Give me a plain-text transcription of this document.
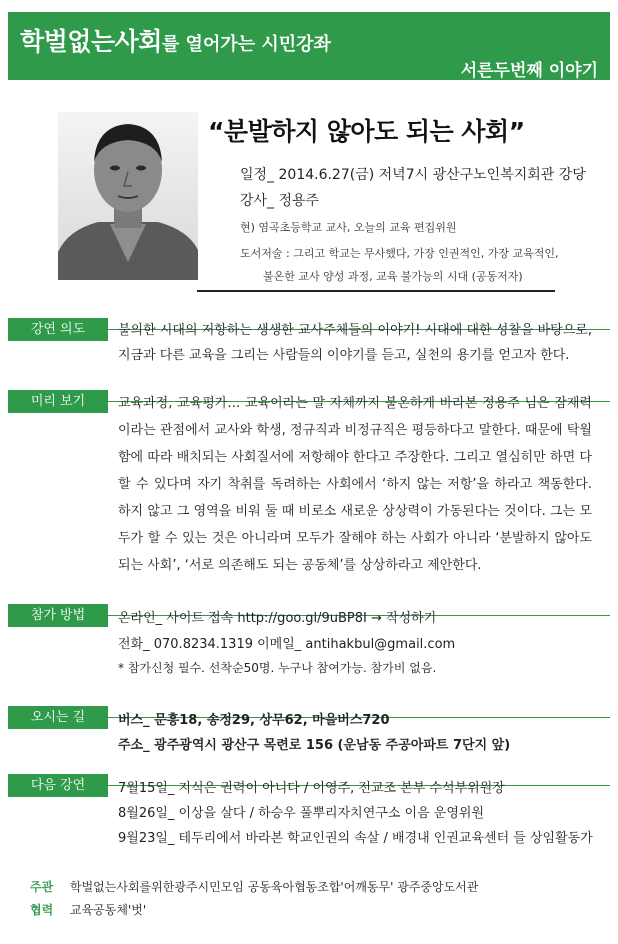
학벌없는사회를 열어가는 시민강좌
서른두번째 이야기
“분발하지 않아도 되는 사회”
일정_ 2014.6.27(금) 저녁7시 광산구노인복지회관 강당
강사_ 정용주
현) 염곡초등학교 교사, 오늘의 교육 편집위원
도서저술 : 그리고 학교는 무사했다, 가장 인권적인, 가장 교육적인,
불온한 교사 양성 과정, 교육 불가능의 시대 (공동저자)
강연 의도	불의한 시대의 저항하는 생생한 교사주체들의 이야기! 시대에 대한 성찰을 바탕으로, 지금과 다른 교육을 그리는 사람들의 이야기를 듣고, 실천의 용기를 얻고자 한다.
미리 보기	교육과정, 교육평가… 교육이라는 말 자체까지 불온하게 바라본 정용주 님은 잠재력이라는 관점에서 교사와 학생, 정규직과 비정규직은 평등하다고 말한다. 때문에 탁월함에 따라 배치되는 사회질서에 저항해야 한다고 주장한다. 그리고 열심히만 하면 다 할 수 있다며 자기 착취를 독려하는 사회에서 ‘하지 않는 저항’을 하라고 책동한다. 하지 않고 그 영역을 비워 둘 때 비로소 새로운 상상력이 가동된다는 것이다. 그는 모두가 할 수 있는 것은 아니라며 모두가 잘해야 하는 사회가 아니라 ‘분발하지 않아도 되는 사회’, ‘서로 의존해도 되는 공동체’를 상상하라고 제안한다.
참가 방법	온라인_ 사이트 접속 http://goo.gl/9uBP8I → 작성하기
전화_ 070.8234.1319 이메일_ antihakbul@gmail.com
* 참가신청 필수. 선착순50명. 누구나 참여가능. 참가비 없음.
오시는 길	버스_ 문흥18, 송정29, 상무62, 마을버스720
주소_ 광주광역시 광산구 목련로 156 (운남동 주공아파트 7단지 앞)
다음 강연	7월15일_ 지식은 권력이 아니다 / 이영주, 전교조 본부 수석부위원장
8월26일_ 이상을 살다 / 하승우 풀뿌리자치연구소 이음 운영위원
9월23일_ 테두리에서 바라본 학교인권의 속살 / 배경내 인권교육센터 들 상임활동가
주관 학벌없는사회를위한광주시민모임 공동육아협동조합'어깨동무' 광주중앙도서관
협력 교육공동체'벗'
